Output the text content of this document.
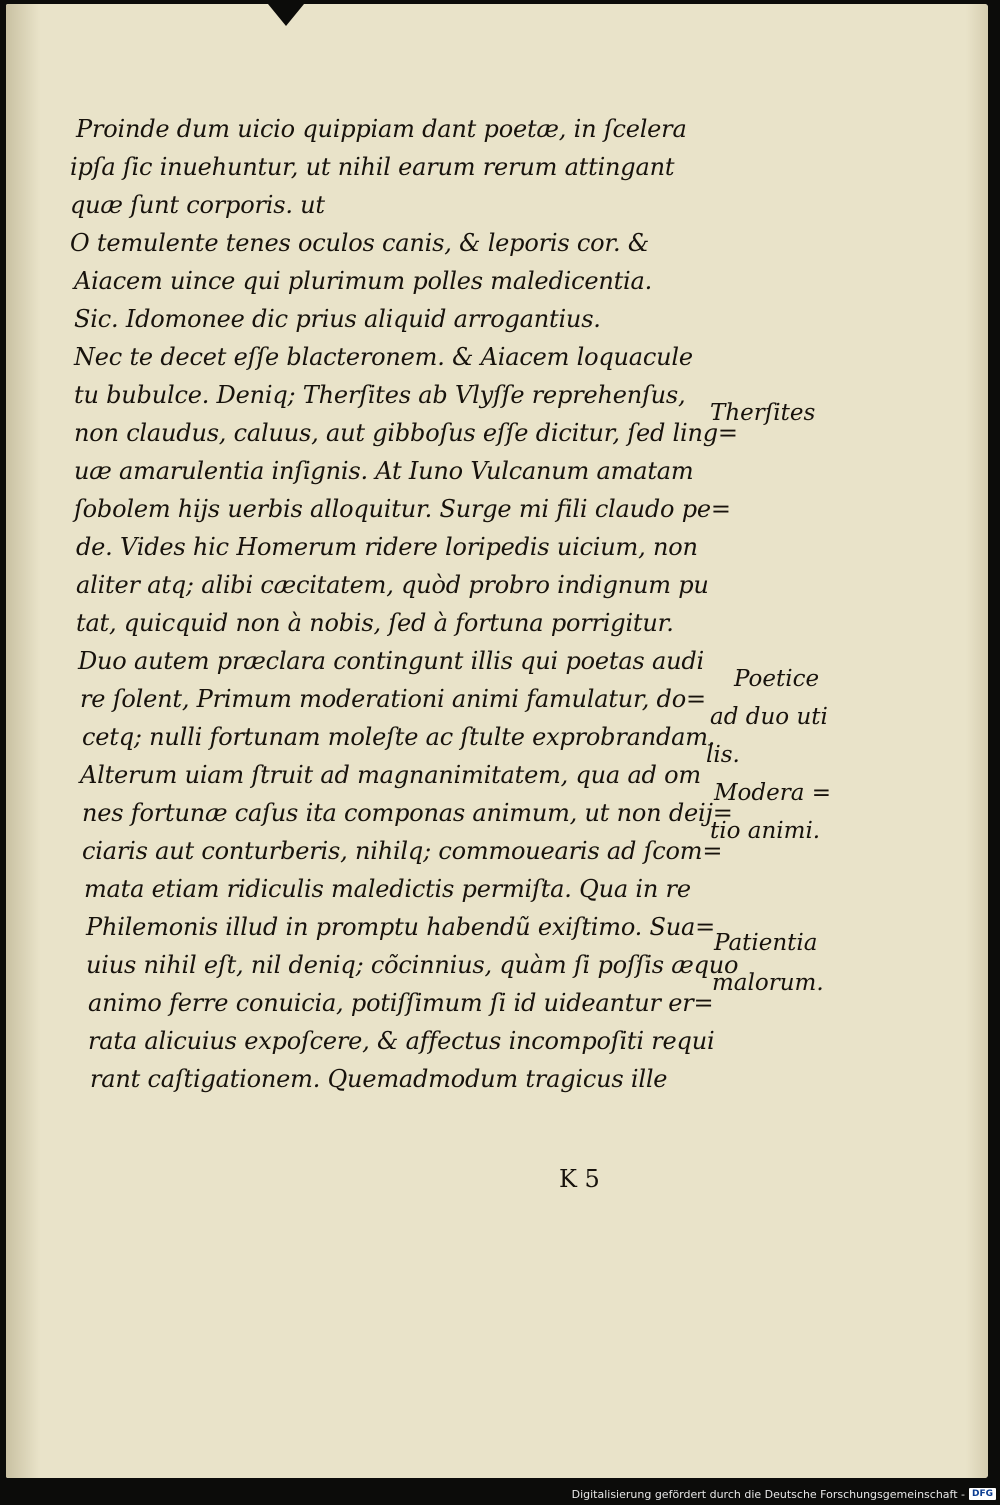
Proinde dum uicio quippiam dant poetæ, in ſcelera
ipſa ſic inuehuntur, ut nihil earum rerum attingant
quæ ſunt corporis. ut
O temulente tenes oculos canis, & leporis cor. &
Aiacem uince qui plurimum polles maledicentia.
Sic. Idomonee dic prius aliquid arrogantius.
Nec te decet eſſe blacteronem. & Aiacem loquacule
tu bubulce. Deniq; Therſites ab Vlyſſe reprehenſus,
non claudus, caluus, aut gibboſus eſſe dicitur, ſed ling=
uæ amarulentia inſignis. At Iuno Vulcanum amatam
ſobolem hijs uerbis alloquitur. Surge mi fili claudo pe=
de. Vides hic Homerum ridere loripedis uicium, non
aliter atq; alibi cæcitatem, quòd probro indignum pu
tat, quicquid non à nobis, ſed à fortuna porrigitur.
Duo autem præclara contingunt illis qui poetas audi
re ſolent, Primum moderationi animi famulatur, do=
cetq; nulli fortunam moleſte ac ſtulte exprobrandam.
Alterum uiam ſtruit ad magnanimitatem, qua ad om
nes fortunæ caſus ita componas animum, ut non deij=
ciaris aut conturberis, nihilq; commouearis ad ſcom=
mata etiam ridiculis maledictis permiſta. Qua in re
Philemonis illud in promptu habendũ exiſtimo. Sua=
uius nihil eſt, nil deniq; cõcinnius, quàm ſi poſſis æquo
animo ferre conuicia, potiſſimum ſi id uideantur er=
rata alicuius expoſcere, & affectus incompoſiti requi
rant caſtigationem. Quemadmodum tragicus ille
Therſites
Poetice
ad duo uti
lis.
Modera =
tio animi.
Patientia
malorum.
K 5
Digitalisierung gefördert durch die Deutsche Forschungsgemeinschaft - DFG
